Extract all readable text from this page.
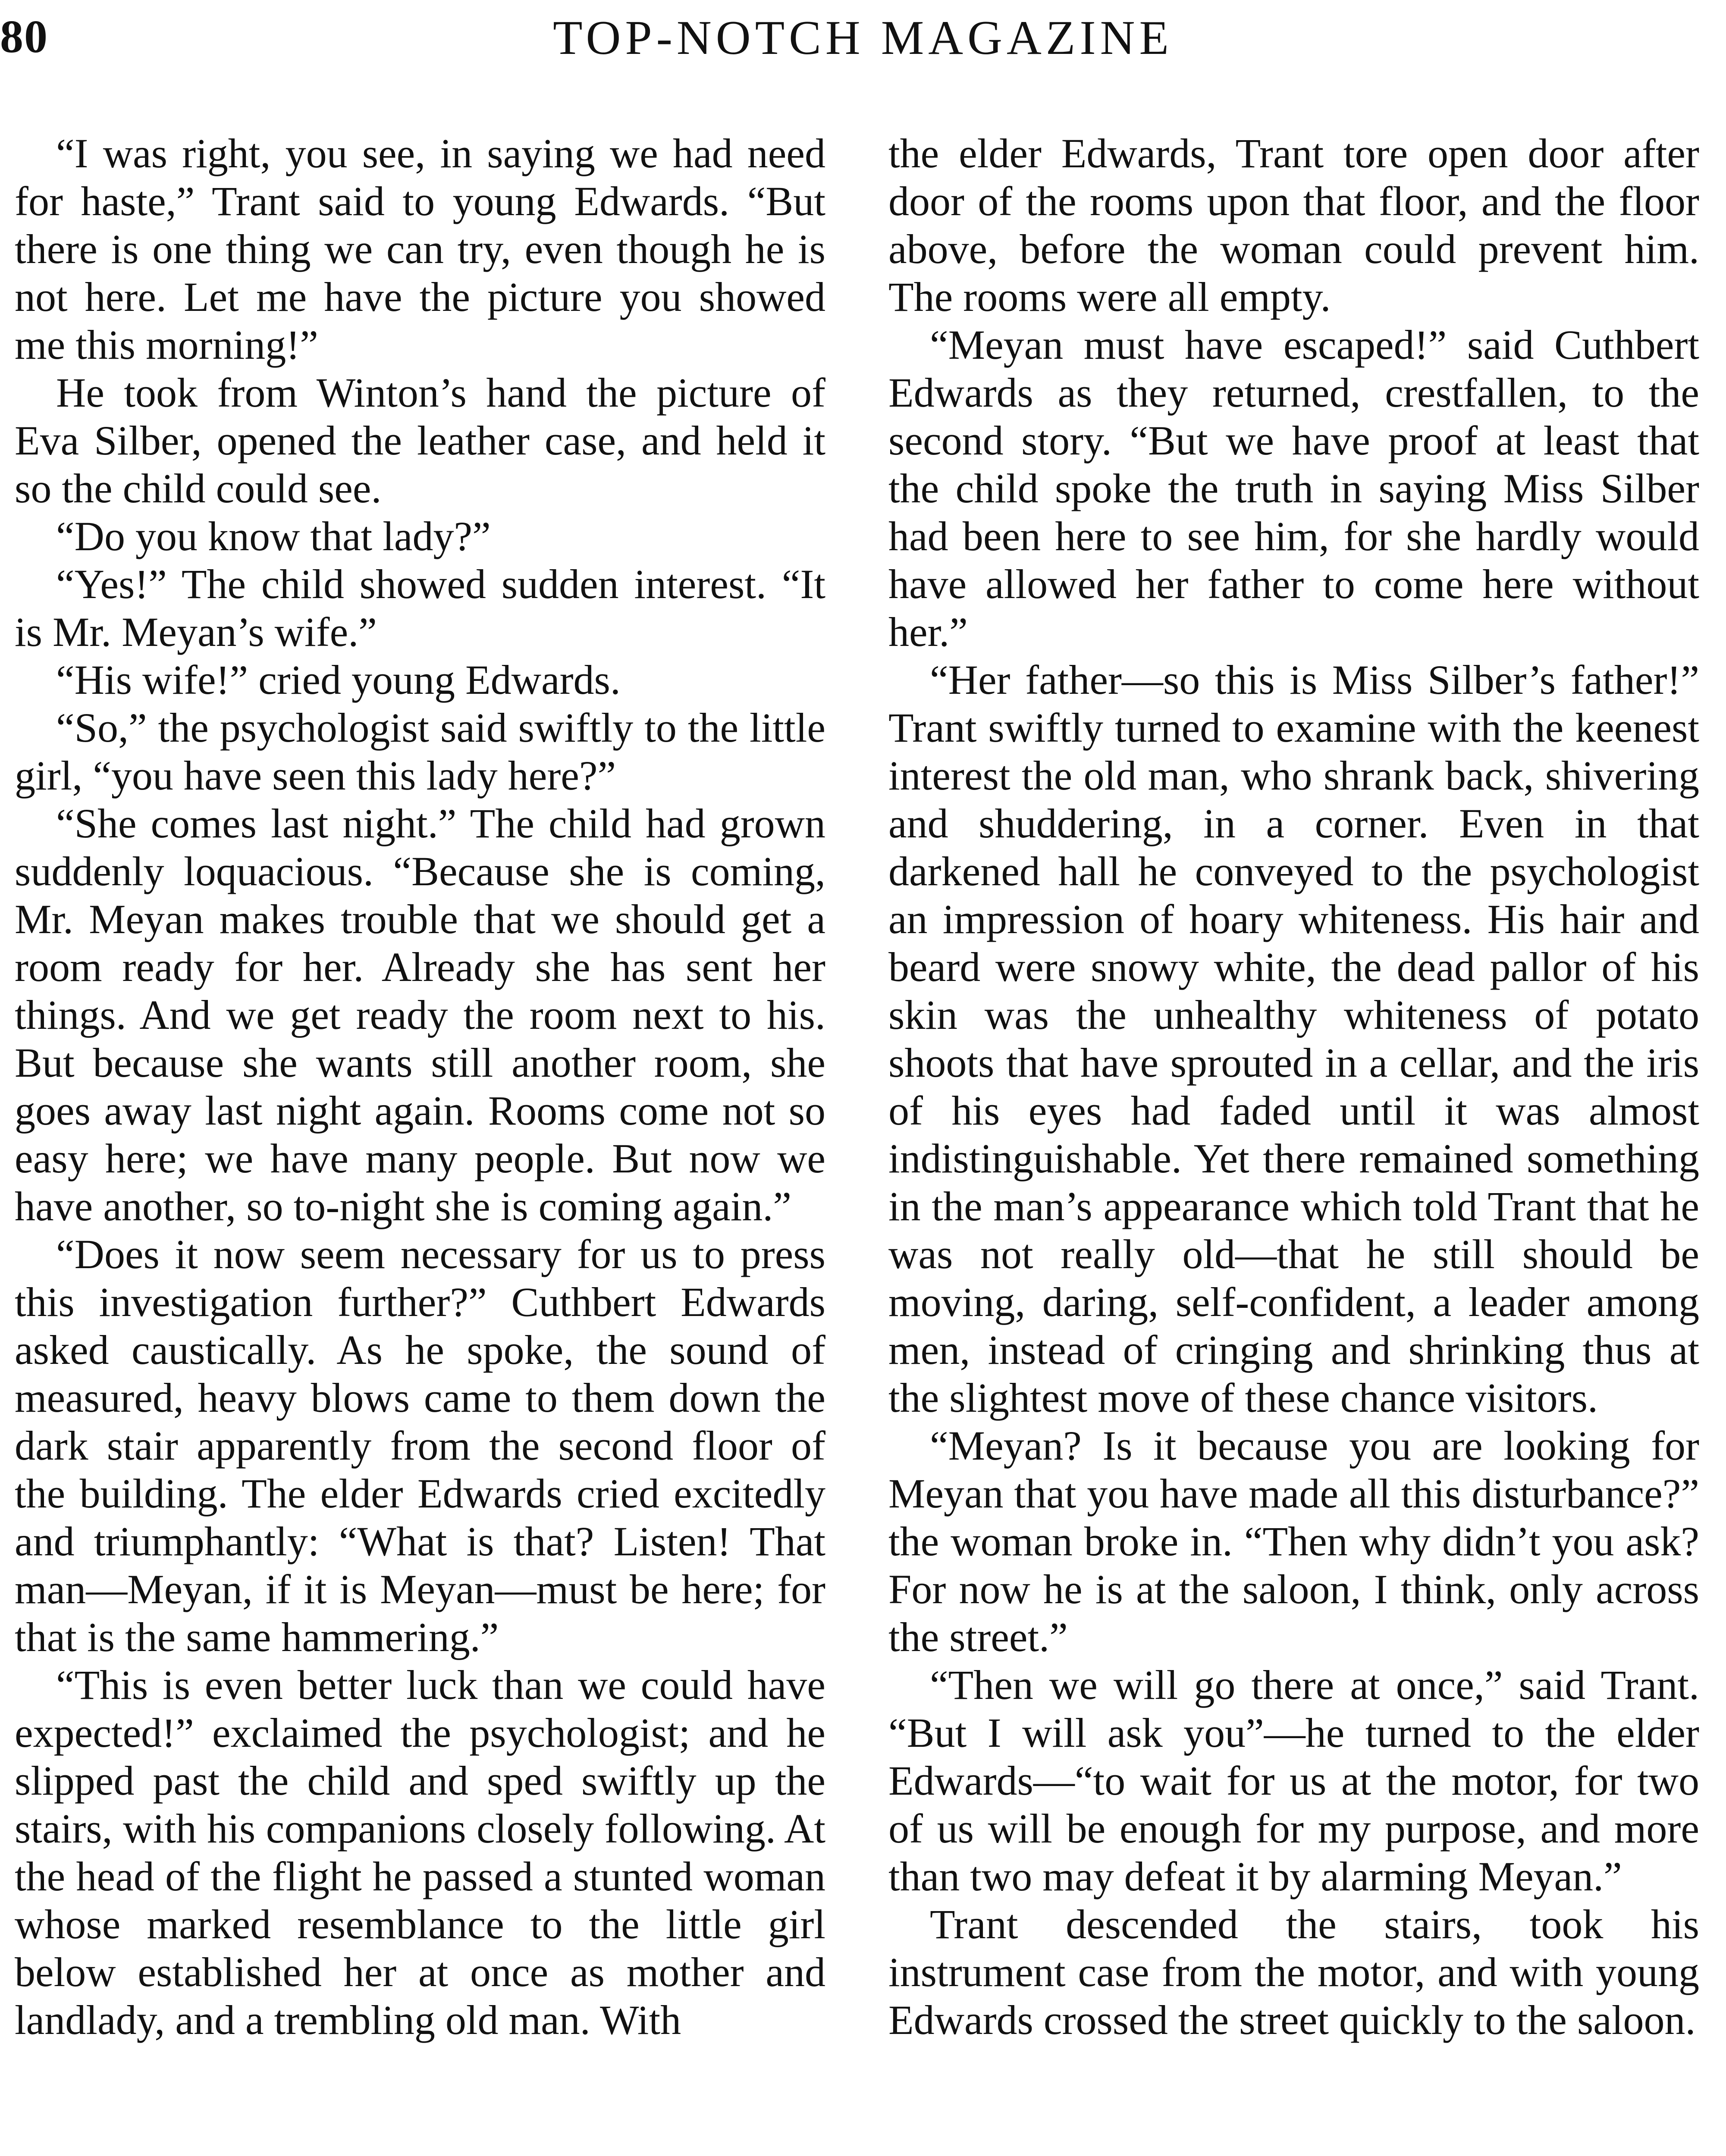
80	TOP-NOTCH MAGAZINE

“I was right, you see, in saying we had need for haste,” Trant said to young Edwards. “But there is one thing we can try, even though he is not here. Let me have the picture you showed me this morning!”

He took from Winton’s hand the picture of Eva Silber, opened the leather case, and held it so the child could see.

“Do you know that lady?”

“Yes!” The child showed sudden interest. “It is Mr. Meyan’s wife.”

“His wife!” cried young Edwards.

“So,” the psychologist said swiftly to the little girl, “you have seen this lady here?”

“She comes last night.” The child had grown suddenly loquacious. “Because she is coming, Mr. Meyan makes trouble that we should get a room ready for her. Already she has sent her things. And we get ready the room next to his. But because she wants still another room, she goes away last night again. Rooms come not so easy here; we have many people. But now we have another, so to-night she is coming again.”

“Does it now seem necessary for us to press this investigation further?” Cuthbert Edwards asked caustically. As he spoke, the sound of measured, heavy blows came to them down the dark stair apparently from the second floor of the building. The elder Edwards cried excitedly and triumphantly: “What is that? Listen! That man—Meyan, if it is Meyan—must be here; for that is the same hammering.”

“This is even better luck than we could have expected!” exclaimed the psychologist; and he slipped past the child and sped swiftly up the stairs, with his companions closely following. At the head of the flight he passed a stunted woman whose marked resemblance to the little girl below established her at once as mother and landlady, and a trembling old man. With

the elder Edwards, Trant tore open door after door of the rooms upon that floor, and the floor above, before the woman could prevent him. The rooms were all empty.

“Meyan must have escaped!” said Cuthbert Edwards as they returned, crestfallen, to the second story. “But we have proof at least that the child spoke the truth in saying Miss Silber had been here to see him, for she hardly would have allowed her father to come here without her.”

“Her father—so this is Miss Silber’s father!” Trant swiftly turned to examine with the keenest interest the old man, who shrank back, shivering and shuddering, in a corner. Even in that darkened hall he conveyed to the psychologist an impression of hoary whiteness. His hair and beard were snowy white, the dead pallor of his skin was the unhealthy whiteness of potato shoots that have sprouted in a cellar, and the iris of his eyes had faded until it was almost indistinguishable. Yet there remained something in the man’s appearance which told Trant that he was not really old—that he still should be moving, daring, self-confident, a leader among men, instead of cringing and shrinking thus at the slightest move of these chance visitors.

“Meyan? Is it because you are looking for Meyan that you have made all this disturbance?” the woman broke in. “Then why didn’t you ask? For now he is at the saloon, I think, only across the street.”

“Then we will go there at once,” said Trant. “But I will ask you”—he turned to the elder Edwards—“to wait for us at the motor, for two of us will be enough for my purpose, and more than two may defeat it by alarming Meyan.”

Trant descended the stairs, took his instrument case from the motor, and with young Edwards crossed the street quickly to the saloon.
